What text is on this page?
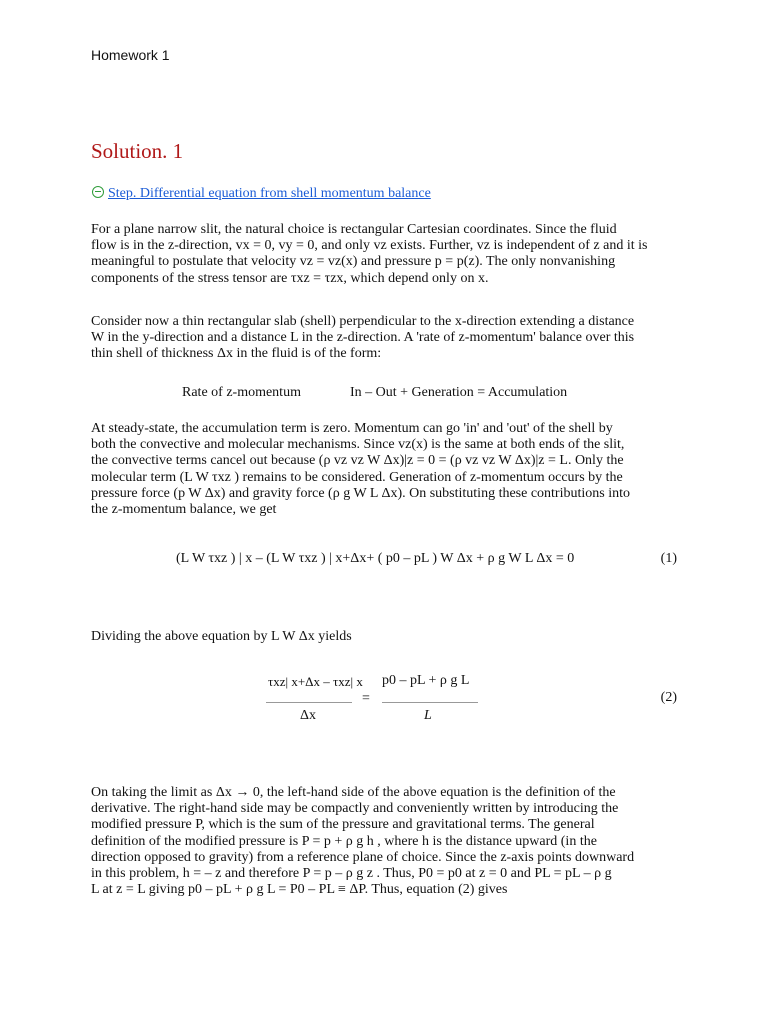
Homework 1
Solution. 1
Step. Differential equation from shell momentum balance
For a plane narrow slit, the natural choice is rectangular Cartesian coordinates. Since the fluid
flow is in the z-direction, vx = 0, vy = 0, and only vz exists. Further, vz is independent of z and it is
meaningful to postulate that velocity vz = vz(x) and pressure p = p(z). The only nonvanishing
components of the stress tensor are τxz = τzx, which depend only on x.
Consider now a thin rectangular slab (shell) perpendicular to the x-direction extending a distance
W in the y-direction and a distance L in the z-direction. A 'rate of z-momentum' balance over this
thin shell of thickness Δx in the fluid is of the form:
Rate of z-momentum	In – Out + Generation = Accumulation
At steady-state, the accumulation term is zero. Momentum can go 'in' and 'out' of the shell by
both the convective and molecular mechanisms. Since vz(x) is the same at both ends of the slit,
the convective terms cancel out because (ρ vz vz W Δx)|z = 0 = (ρ vz vz W Δx)|z = L. Only the
molecular term (L W τxz ) remains to be considered. Generation of z-momentum occurs by the
pressure force (p W Δx) and gravity force (ρ g W L Δx). On substituting these contributions into
the z-momentum balance, we get
(L W τxz ) | x – (L W τxz ) | x+Δx+ ( p0 – pL ) W Δx + ρ g W L Δx = 0	(1)
Dividing the above equation by L W Δx yields
τxz| x+Δx – τxz| x
Δx
=
p0 – pL + ρ g L
L
(2)
On taking the limit as Δx → 0, the left-hand side of the above equation is the definition of the
derivative. The right-hand side may be compactly and conveniently written by introducing the
modified pressure P, which is the sum of the pressure and gravitational terms. The general
definition of the modified pressure is P = p + ρ g h , where h is the distance upward (in the
direction opposed to gravity) from a reference plane of choice. Since the z-axis points downward
in this problem, h = – z and therefore P = p – ρ g z . Thus, P0 = p0 at z = 0 and PL = pL – ρ g
L at z = L giving p0 – pL + ρ g L = P0 – PL ≡ ΔP. Thus, equation (2) gives
